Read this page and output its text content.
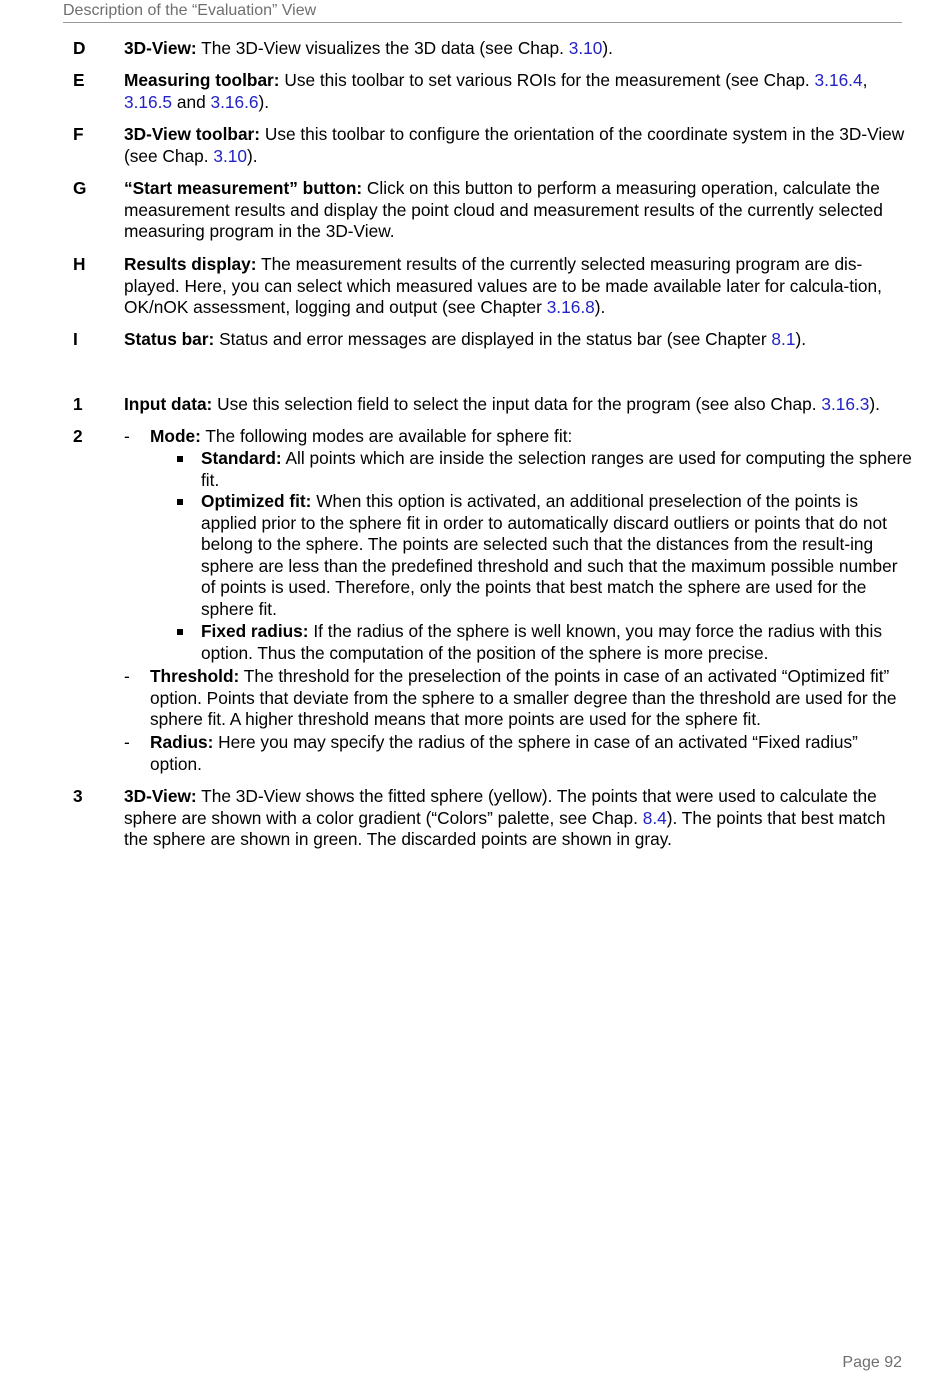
Description of the “Evaluation” View
D 3D-View: The 3D-View visualizes the 3D data (see Chap. 3.10).
E Measuring toolbar: Use this toolbar to set various ROIs for the measurement (see Chap. 3.16.4,
3.16.5 and 3.16.6).
F 3D-View toolbar: Use this toolbar to configure the orientation of the coordinate system in the 3D-View (see Chap. 3.10).
G “Start measurement” button: Click on this button to perform a measuring operation, calculate the measurement results and display the point cloud and measurement results of the currently selected measuring program in the 3D-View.
H Results display: The measurement results of the currently selected measuring program are dis-played. Here, you can select which measured values are to be made available later for calcula-tion, OK/nOK assessment, logging and output (see Chapter 3.16.8).
I	Status bar: Status and error messages are displayed in the status bar (see Chapter 8.1).
1 Input data: Use this selection field to select the input data for the program (see also Chap. 3.16.3).
2 - Mode: The following modes are available for sphere fit:
Standard: All points which are inside the selection ranges are used for computing the sphere fit.
Optimized fit: When this option is activated, an additional preselection of the points is applied prior to the sphere fit in order to automatically discard outliers or points that do not belong to the sphere. The points are selected such that the distances from the result-ing sphere are less than the predefined threshold and such that the maximum possible number of points is used. Therefore, only the points that best match the sphere are used for the sphere fit.
Fixed radius: If the radius of the sphere is well known, you may force the radius with this option. Thus the computation of the position of the sphere is more precise.
- Threshold: The threshold for the preselection of the points in case of an activated “Optimized fit” option. Points that deviate from the sphere to a smaller degree than the threshold are used for the sphere fit. A higher threshold means that more points are used for the sphere fit.
- Radius: Here you may specify the radius of the sphere in case of an activated “Fixed radius” option.
3 3D-View: The 3D-View shows the fitted sphere (yellow). The points that were used to calculate the sphere are shown with a color gradient (“Colors” palette, see Chap. 8.4). The points that best match the sphere are shown in green. The discarded points are shown in gray.
Page 92
